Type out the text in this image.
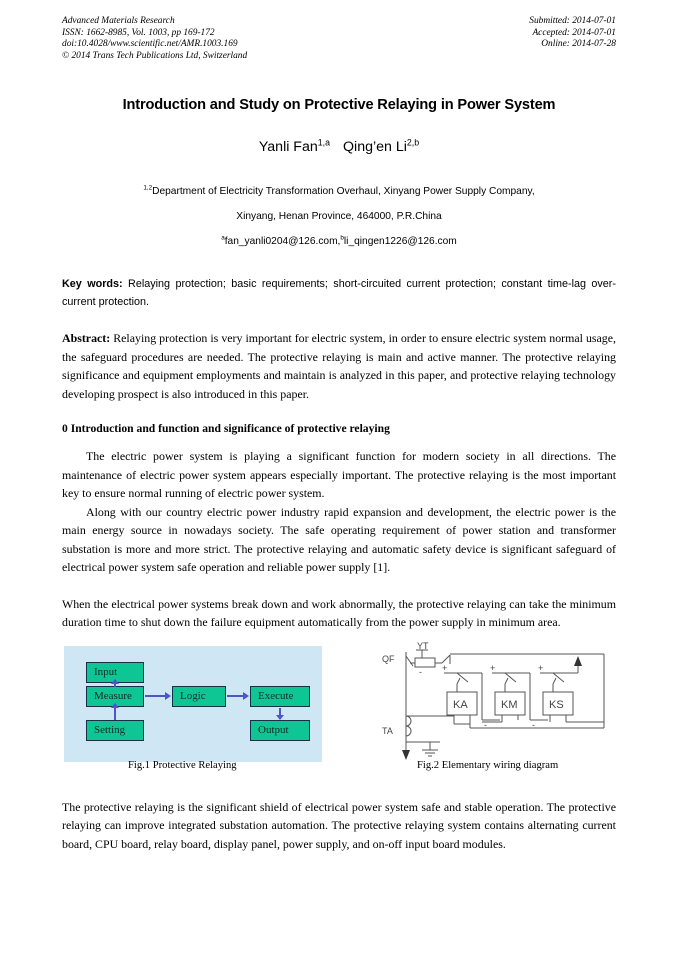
Advanced Materials Research
ISSN: 1662-8985, Vol. 1003, pp 169-172
doi:10.4028/www.scientific.net/AMR.1003.169
© 2014 Trans Tech Publications Ltd, Switzerland
Submitted: 2014-07-01
Accepted: 2014-07-01
Online: 2014-07-28
Introduction and Study on Protective Relaying in Power System
Yanli Fan$^{1,a}$ Qing’en Li$^{2,b}$
$^{1,2}$Department of Electricity Transformation Overhaul, Xinyang Power Supply Company,
Xinyang, Henan Province, 464000, P.R.China
$^a$fan_yanli0204@126.com,$^b$li_qingen1226@126.com
Key words: Relaying protection; basic requirements; short-circuited current protection; constant time-lag over-current protection.
Abstract: Relaying protection is very important for electric system, in order to ensure electric system normal usage, the safeguard procedures are needed. The protective relaying is main and active manner. The protective relaying significance and equipment employments and maintain is analyzed in this paper, and protective relaying technology developing prospect is also introduced in this paper.
0 Introduction and function and significance of protective relaying

The electric power system is playing a significant function for modern society in all directions. The maintenance of electric power system appears especially important. The protective relaying is the most important key to ensure normal running of electric power system.

Along with our country electric power industry rapid expansion and development, the electric power is the main energy source in nowadays society. The safe operating requirement of power station and transformer substation is more and more strict. The protective relaying and automatic safety device is significant safeguard of electrical power system safe operation and reliable power supply [1].

When the electrical power systems break down and work abnormally, the protective relaying can take the minimum duration time to shut down the failure equipment automatically from the power supply in minimum area.

Input
Measure
Setting
Logic	Execute
Output
QF
YT
TA
KA	KM	KS
+	+	+
-
-	-
Fig.1 Protective Relaying	Fig.2 Elementary wiring diagram

The protective relaying is the significant shield of electrical power system safe and stable operation. The protective relaying can improve integrated substation automation. The protective relaying system contains alternating current board, CPU board, relay board, display panel, power supply, and on-off input board modules.
